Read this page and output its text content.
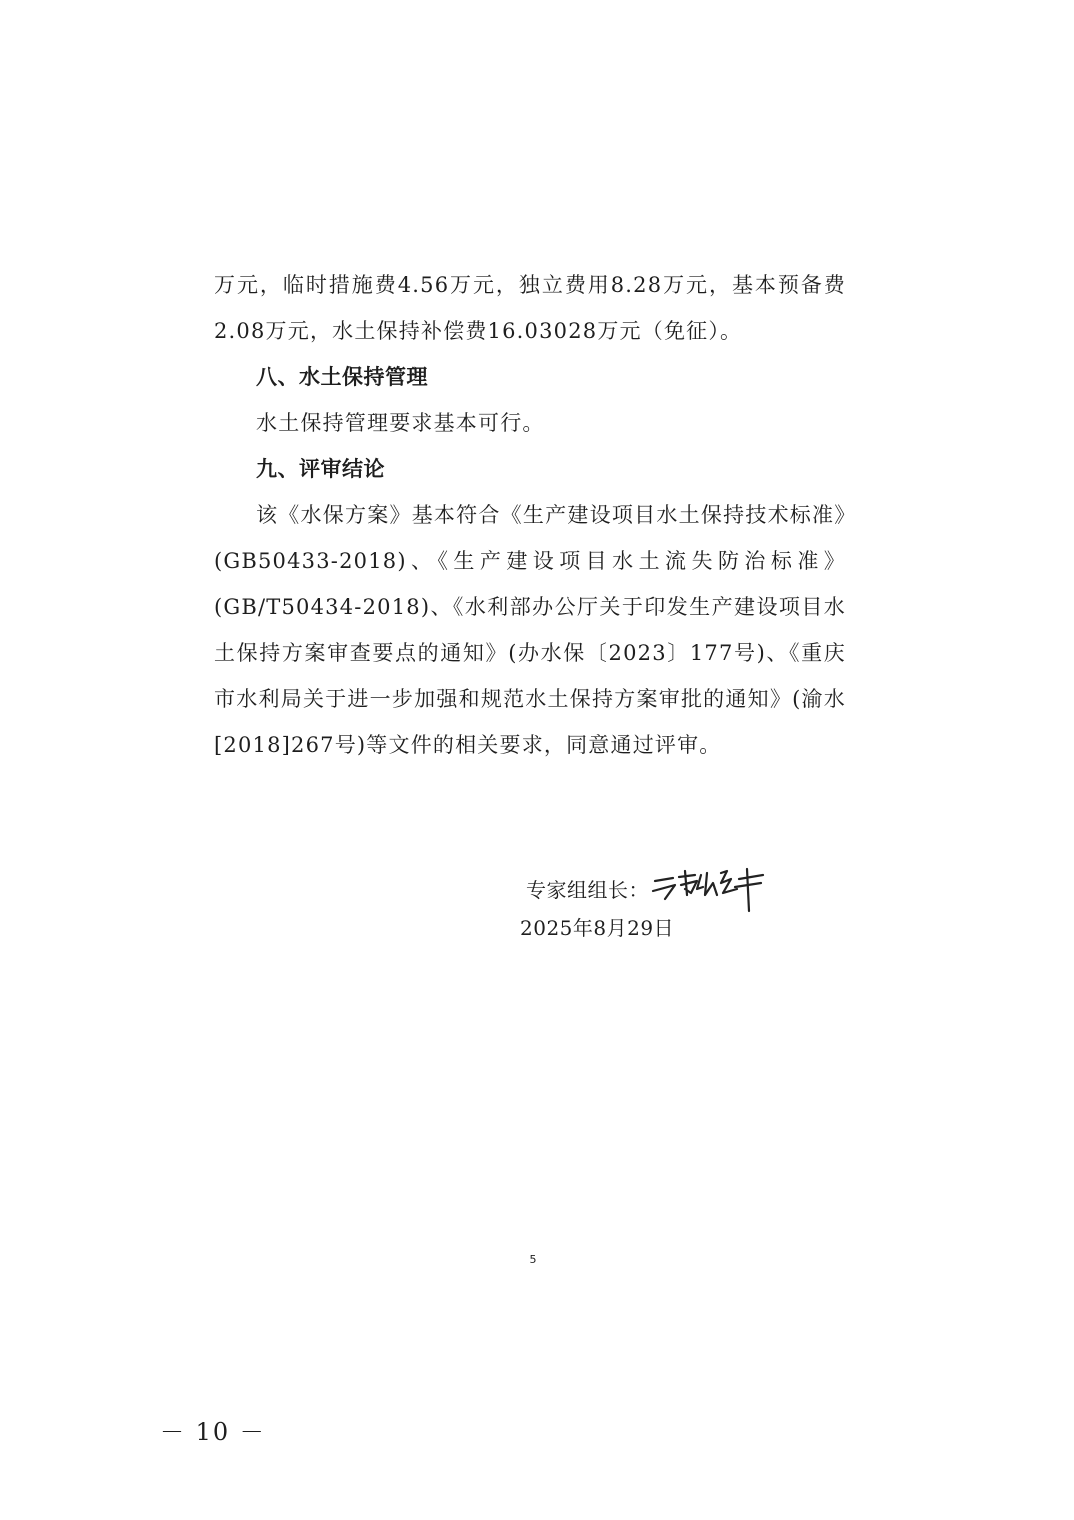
万元，临时措施费4.56万元，独立费用8.28万元，基本预备费2.08万元，水土保持补偿费16.03028万元（免征）。

八、水土保持管理

水土保持管理要求基本可行。

九、评审结论

该《水保方案》基本符合《生产建设项目水土保持技术标准》(GB50433-2018)、《生产建设项目水土流失防治标准》(GB/T50434-2018)、《水利部办公厅关于印发生产建设项目水土保持方案审查要点的通知》(办水保〔2023〕177号)、《重庆市水利局关于进一步加强和规范水土保持方案审批的通知》(渝水[2018]267号)等文件的相关要求，同意通过评审。

专家组组长：
2025年8月29日
5
－ 10 －
